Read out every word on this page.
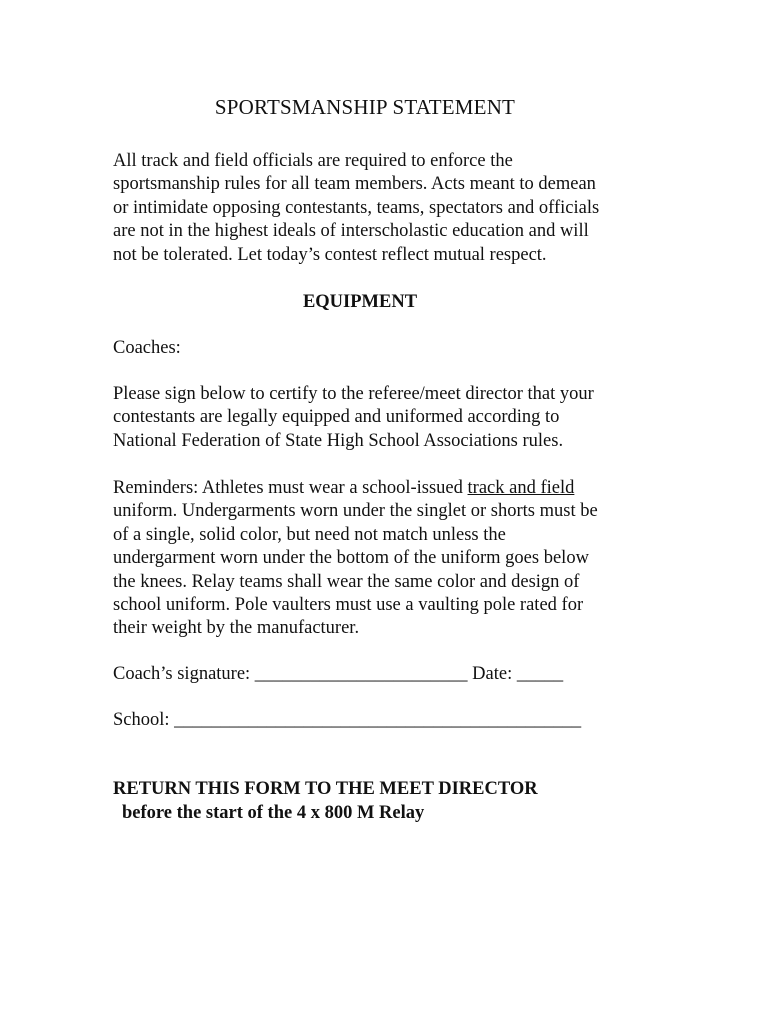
SPORTSMANSHIP STATEMENT

All track and field officials are required to enforce the
sportsmanship rules for all team members. Acts meant to demean
or intimidate opposing contestants, teams, spectators and officials
are not in the highest ideals of interscholastic education and will
not be tolerated. Let today’s contest reflect mutual respect.

EQUIPMENT

Coaches:

Please sign below to certify to the referee/meet director that your
contestants are legally equipped and uniformed according to
National Federation of State High School Associations rules.

Reminders: Athletes must wear a school-issued track and field
uniform. Undergarments worn under the singlet or shorts must be
of a single, solid color, but need not match unless the
undergarment worn under the bottom of the uniform goes below
the knees. Relay teams shall wear the same color and design of
school uniform. Pole vaulters must use a vaulting pole rated for
their weight by the manufacturer.

Coach’s signature: _______________________ Date: _____

School: ____________________________________________

RETURN THIS FORM TO THE MEET DIRECTOR
before the start of the 4 x 800 M Relay
